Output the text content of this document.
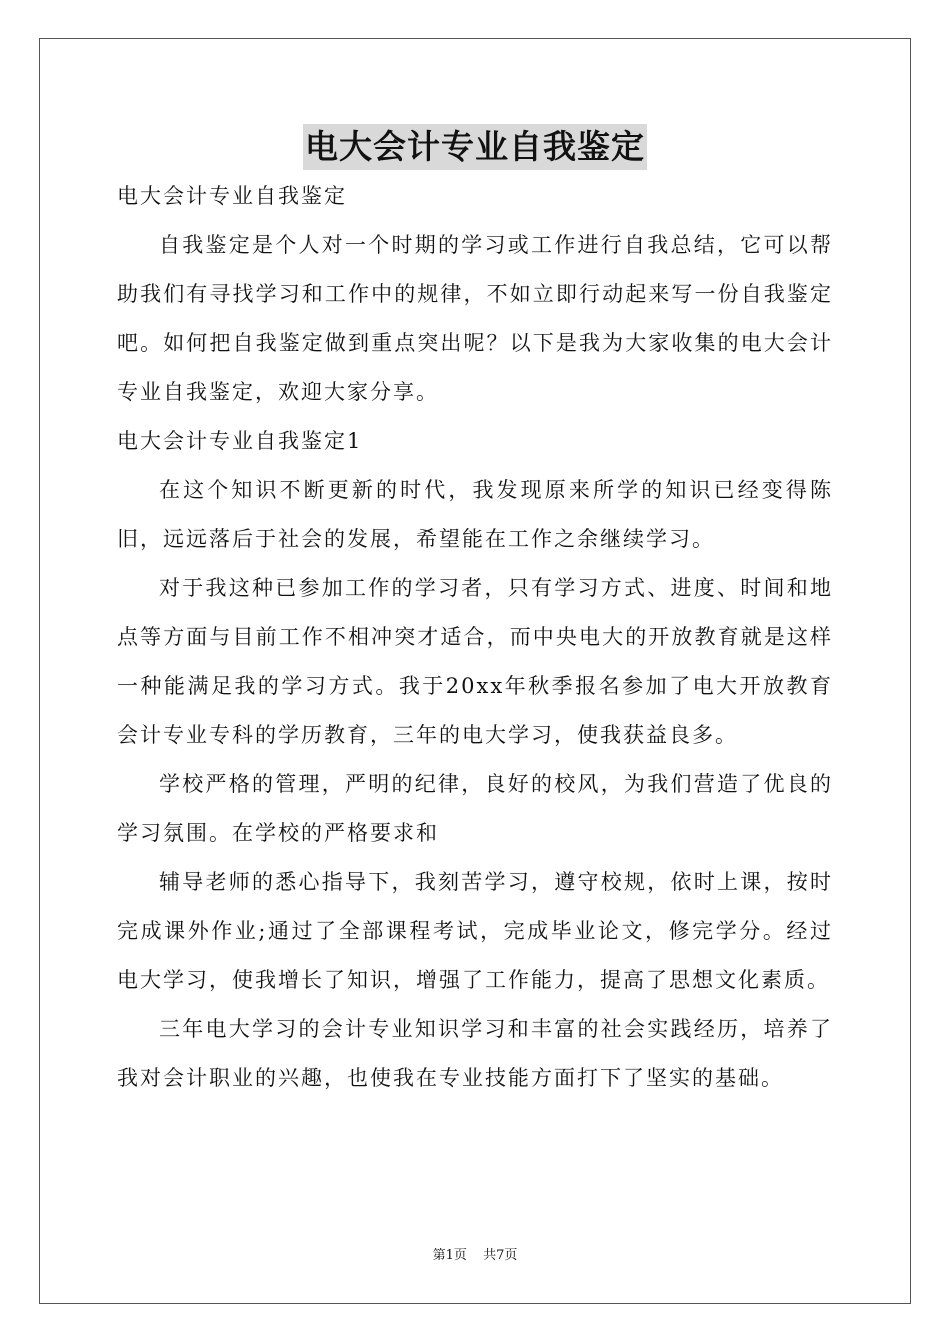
电大会计专业自我鉴定
电大会计专业自我鉴定

自我鉴定是个人对一个时期的学习或工作进行自我总结，它可以帮助我们有寻找学习和工作中的规律，不如立即行动起来写一份自我鉴定吧。如何把自我鉴定做到重点突出呢？以下是我为大家收集的电大会计专业自我鉴定，欢迎大家分享。

电大会计专业自我鉴定1

在这个知识不断更新的时代，我发现原来所学的知识已经变得陈旧，远远落后于社会的发展，希望能在工作之余继续学习。

对于我这种已参加工作的学习者，只有学习方式、进度、时间和地点等方面与目前工作不相冲突才适合，而中央电大的开放教育就是这样一种能满足我的学习方式。我于20xx年秋季报名参加了电大开放教育会计专业专科的学历教育，三年的电大学习，使我获益良多。

学校严格的管理，严明的纪律，良好的校风，为我们营造了优良的学习氛围。在学校的严格要求和

辅导老师的悉心指导下，我刻苦学习，遵守校规，依时上课，按时完成课外作业;通过了全部课程考试，完成毕业论文，修完学分。经过电大学习，使我增长了知识，增强了工作能力，提高了思想文化素质。

三年电大学习的会计专业知识学习和丰富的社会实践经历，培养了我对会计职业的兴趣，也使我在专业技能方面打下了坚实的基础。

第1页 共7页
